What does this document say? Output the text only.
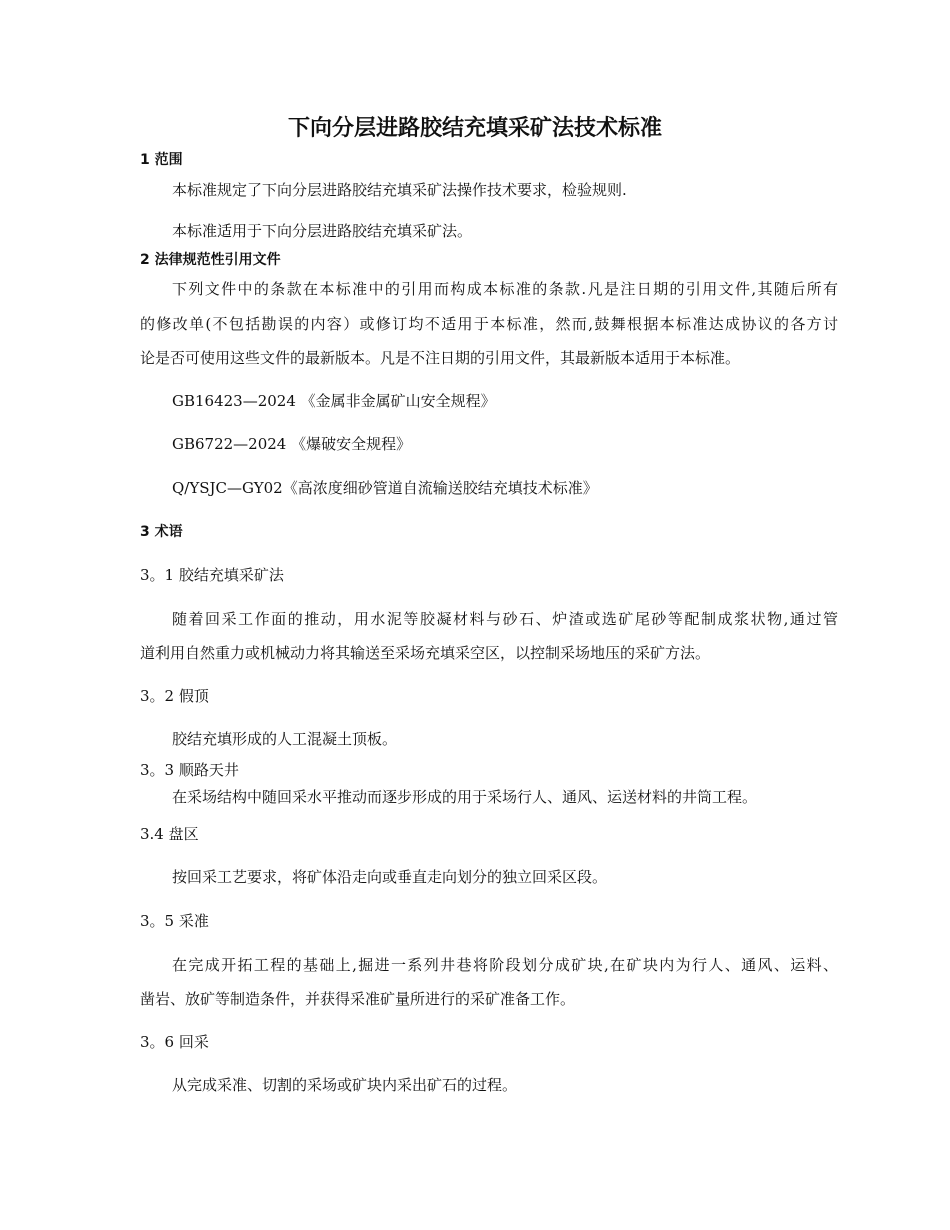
下向分层进路胶结充填采矿法技术标准
1 范围
本标准规定了下向分层进路胶结充填采矿法操作技术要求，检验规则.
本标准适用于下向分层进路胶结充填采矿法。
2 法律规范性引用文件
下列文件中的条款在本标准中的引用而构成本标准的条款.凡是注日期的引用文件,其随后所有
的修改单(不包括勘误的内容）或修订均不适用于本标准，然而,鼓舞根据本标准达成协议的各方讨
论是否可使用这些文件的最新版本。凡是不注日期的引用文件，其最新版本适用于本标准。
GB16423—2024 《金属非金属矿山安全规程》
GB6722—2024 《爆破安全规程》
Q/YSJC—GY02《高浓度细砂管道自流输送胶结充填技术标准》
3 术语
3。1 胶结充填采矿法
随着回采工作面的推动，用水泥等胶凝材料与砂石、炉渣或选矿尾砂等配制成浆状物,通过管
道利用自然重力或机械动力将其输送至采场充填采空区，以控制采场地压的采矿方法。
3。2 假顶
胶结充填形成的人工混凝土顶板。
3。3 顺路天井
在采场结构中随回采水平推动而逐步形成的用于采场行人、通风、运送材料的井筒工程。
3.4 盘区
按回采工艺要求，将矿体沿走向或垂直走向划分的独立回采区段。
3。5 采准
在完成开拓工程的基础上,掘进一系列井巷将阶段划分成矿块,在矿块内为行人、通风、运料、
凿岩、放矿等制造条件，并获得采准矿量所进行的采矿准备工作。
3。6 回采
从完成采准、切割的采场或矿块内采出矿石的过程。
